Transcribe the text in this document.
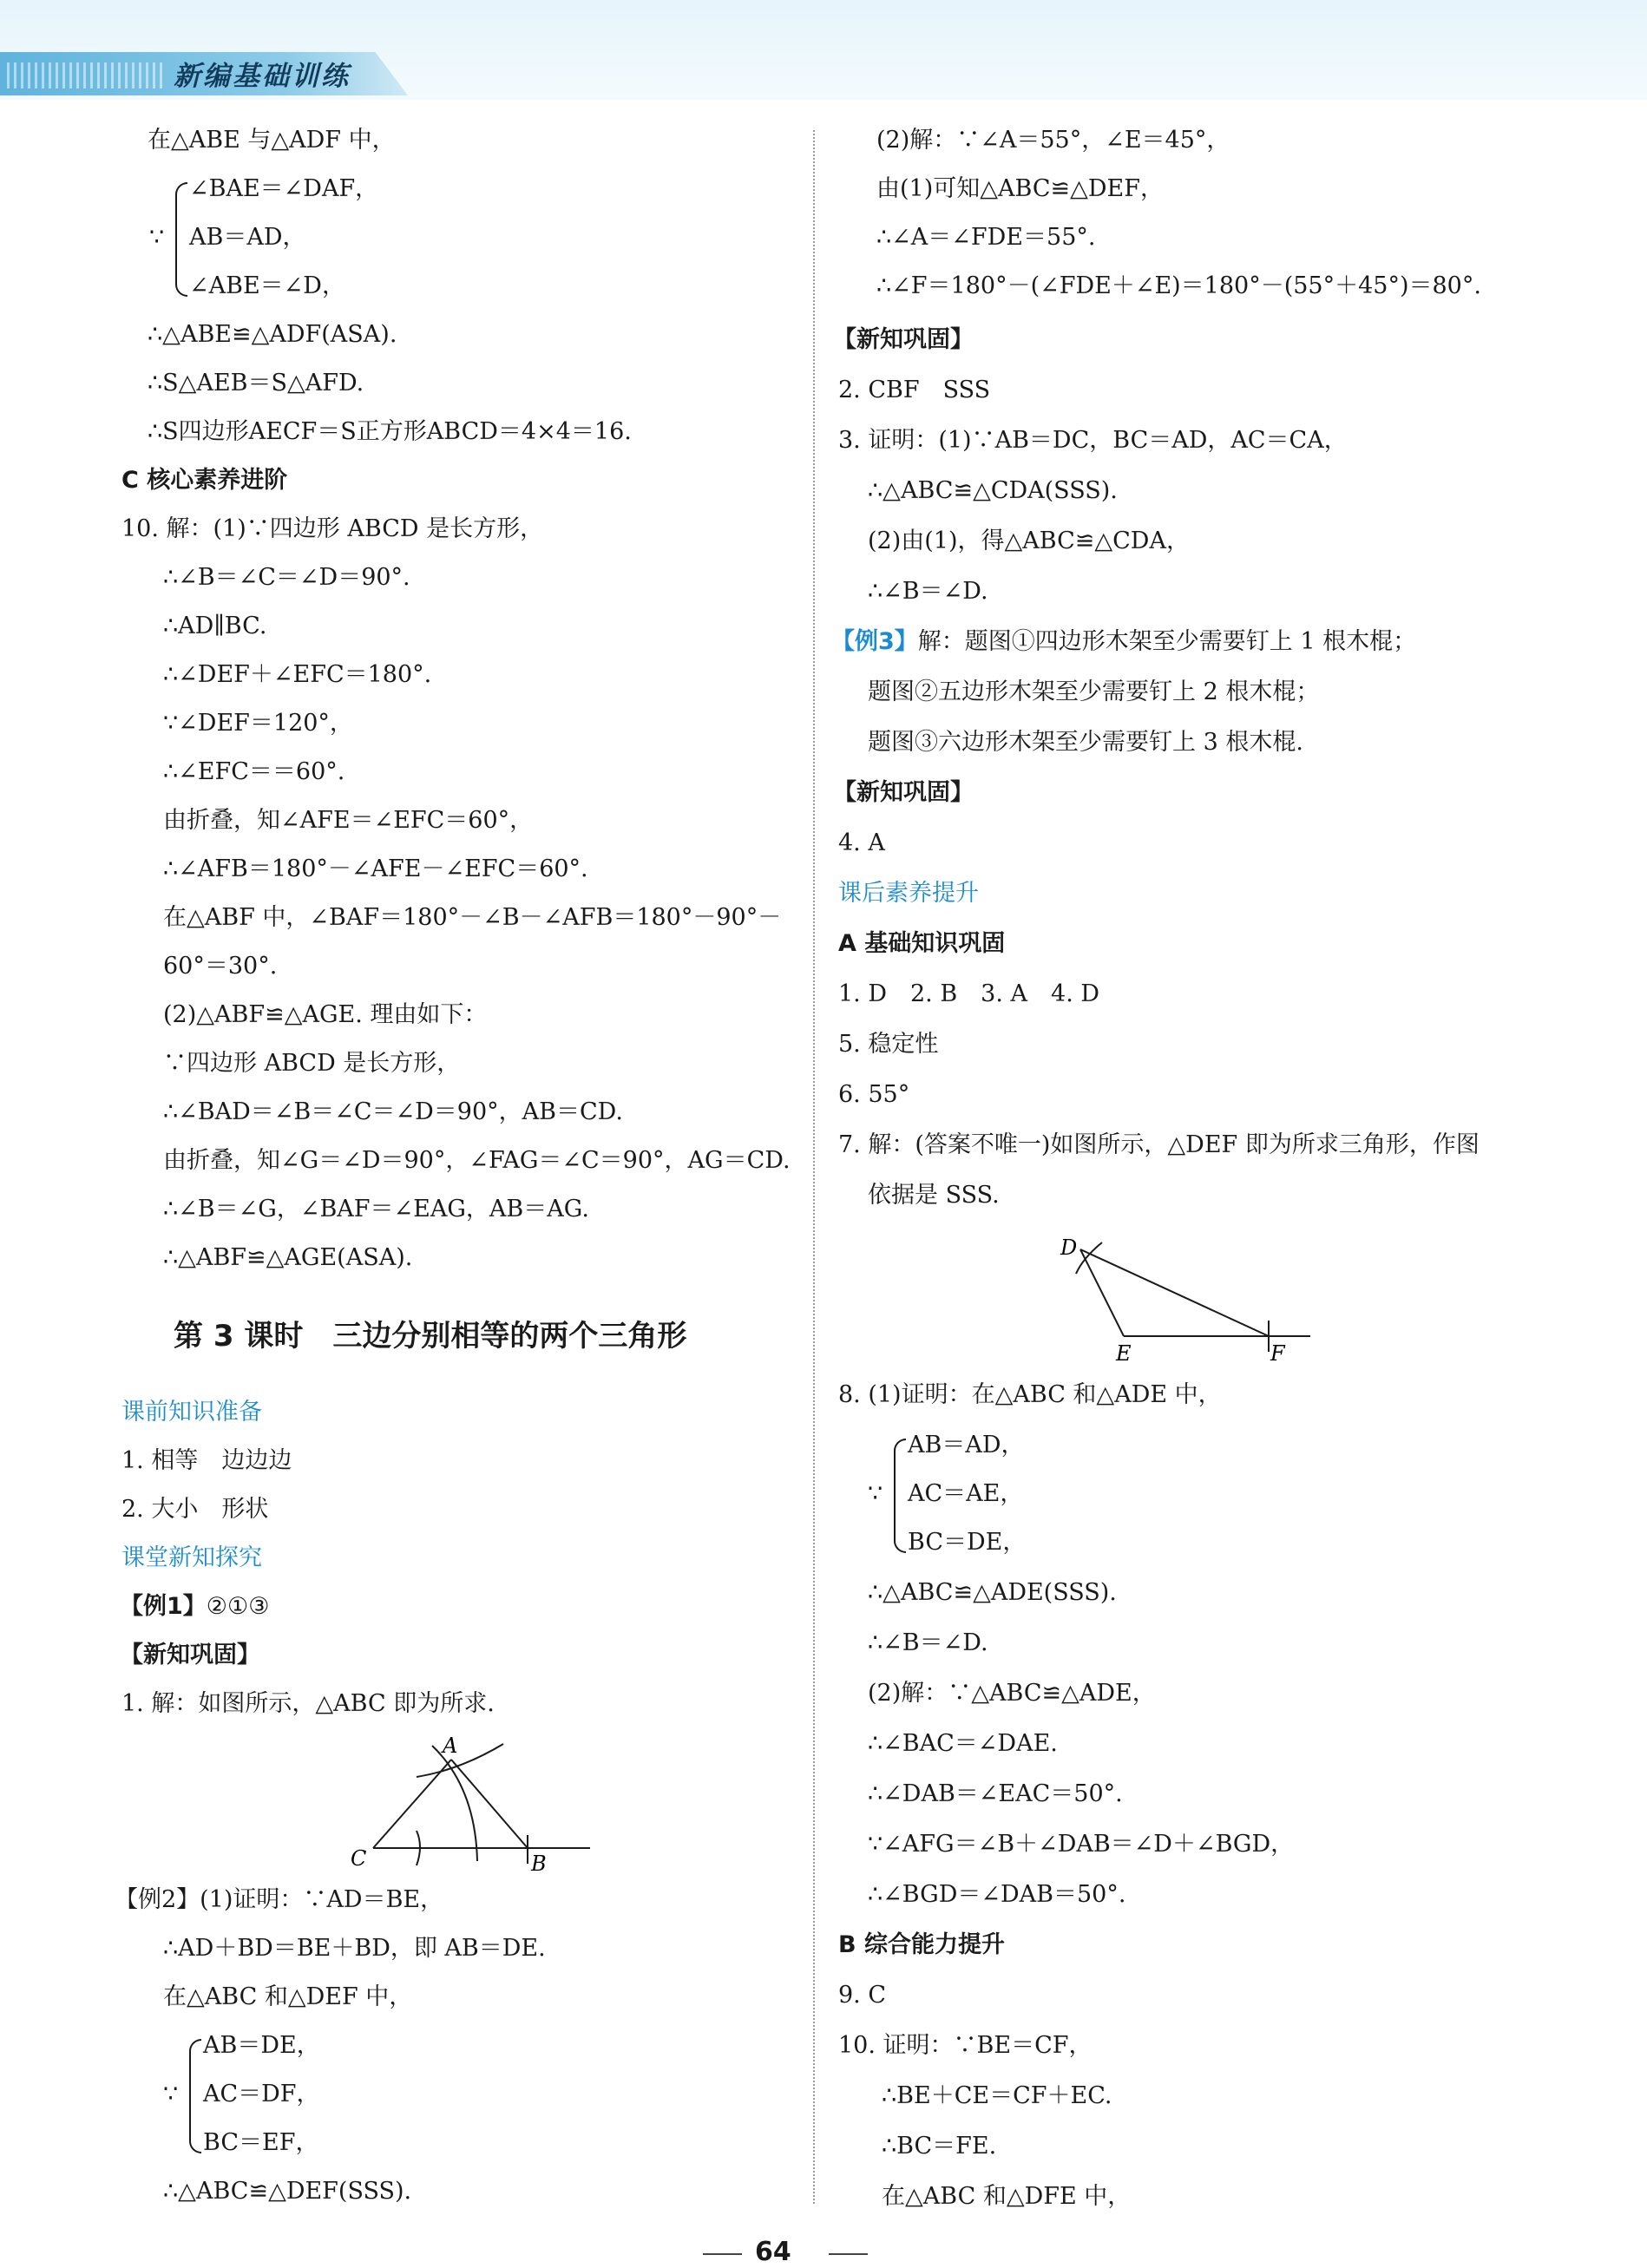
新编基础训练
在△ABE 与△ADF 中，
∵
∠BAE＝∠DAF，
AB＝AD，
∠ABE＝∠D，
∴△ABE≌△ADF(ASA).
∴S△AEB＝S△AFD.
∴S四边形AECF＝S正方形ABCD＝4×4＝16.
C 核心素养进阶
10. 解：(1)∵四边形 ABCD 是长方形，
∴∠B＝∠C＝∠D＝90°.
∴AD∥BC.
∴∠DEF＋∠EFC＝180°.
∵∠DEF＝120°，
∴∠EFC＝＝60°.
由折叠，知∠AFE＝∠EFC＝60°，
∴∠AFB＝180°－∠AFE－∠EFC＝60°.
在△ABF 中，∠BAF＝180°－∠B－∠AFB＝180°－90°－
60°＝30°.
(2)△ABF≌△AGE. 理由如下：
∵四边形 ABCD 是长方形，
∴∠BAD＝∠B＝∠C＝∠D＝90°，AB＝CD.
由折叠，知∠G＝∠D＝90°，∠FAG＝∠C＝90°，AG＝CD.
∴∠B＝∠G，∠BAF＝∠EAG，AB＝AG.
∴△ABF≌△AGE(ASA).
第 3 课时　三边分别相等的两个三角形
课前知识准备
1. 相等　边边边
2. 大小　形状
课堂新知探究
【例1】②①③
【新知巩固】
1. 解：如图所示，△ABC 即为所求.
A
C	B
【例2】(1)证明：∵AD＝BE，
∴AD＋BD＝BE＋BD，即 AB＝DE.
在△ABC 和△DEF 中，
∵
AB＝DE，
AC＝DF，
BC＝EF，
∴△ABC≌△DEF(SSS).
(2)解：∵∠A＝55°，∠E＝45°，
由(1)可知△ABC≌△DEF，
∴∠A＝∠FDE＝55°.
∴∠F＝180°－(∠FDE＋∠E)＝180°－(55°＋45°)＝80°.
【新知巩固】
2. CBF　SSS
3. 证明：(1)∵AB＝DC，BC＝AD，AC＝CA，
∴△ABC≌△CDA(SSS).
(2)由(1)，得△ABC≌△CDA，
∴∠B＝∠D.
【例3】解：题图①四边形木架至少需要钉上 1 根木棍；
题图②五边形木架至少需要钉上 2 根木棍；
题图③六边形木架至少需要钉上 3 根木棍.
【新知巩固】
4. A
课后素养提升
A 基础知识巩固
1. D　2. B　3. A　4. D
5. 稳定性
6. 55°
7. 解：(答案不唯一)如图所示，△DEF 即为所求三角形，作图
依据是 SSS.
D
E	F
8. (1)证明：在△ABC 和△ADE 中，
∵
AB＝AD，
AC＝AE，
BC＝DE，
∴△ABC≌△ADE(SSS).
∴∠B＝∠D.
(2)解：∵△ABC≌△ADE，
∴∠BAC＝∠DAE.
∴∠DAB＝∠EAC＝50°.
∵∠AFG＝∠B＋∠DAB＝∠D＋∠BGD，
∴∠BGD＝∠DAB＝50°.
B 综合能力提升
9. C
10. 证明：∵BE＝CF，
∴BE＋CE＝CF＋EC.
∴BC＝FE.
在△ABC 和△DFE 中，
64
